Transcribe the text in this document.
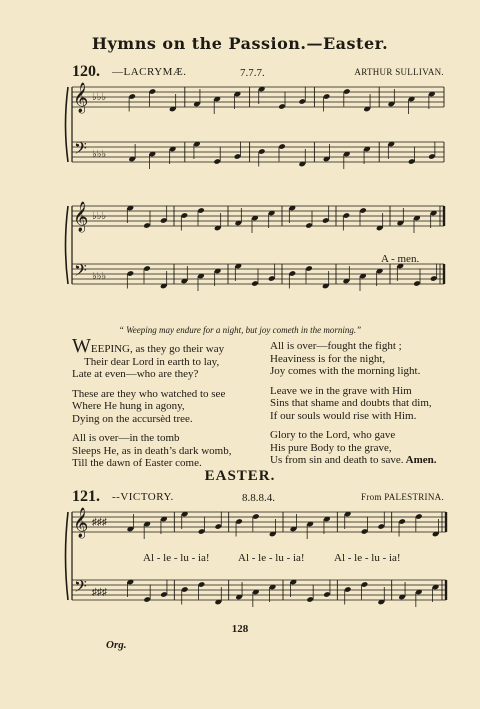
Hymns on the Passion.—Easter.
120. —LACRYMÆ.	7.7.7.	ARTHUR SULLIVAN.
𝄞
𝄢
♭♭♭
♭♭♭
𝄞
𝄢
♭♭♭
♭♭♭
𝄞
𝄢
♯♯♯
♯♯♯
A - men.
“ Weeping may endure for a night, but joy cometh in the morning.”
WEEPING, as they go their way
Their dear Lord in earth to lay,
Late at even—who are they?
These are they who watched to see
Where He hung in agony,
Dying on the accursèd tree.
All is over—in the tomb
Sleeps He, as in death’s dark womb,
Till the dawn of Easter come.
All is over—fought the fight ;
Heaviness is for the night,
Joy comes with the morning light.
Leave we in the grave with Him
Sins that shame and doubts that dim,
If our souls would rise with Him.
Glory to the Lord, who gave
His pure Body to the grave,
Us from sin and death to save. Amen.
EASTER.
121. --VICTORY.	8.8.8.4.	From PALESTRINA.
Al - le - lu - ia!	Al - le - lu - ia!	Al - le - lu - ia!
128
Org.
